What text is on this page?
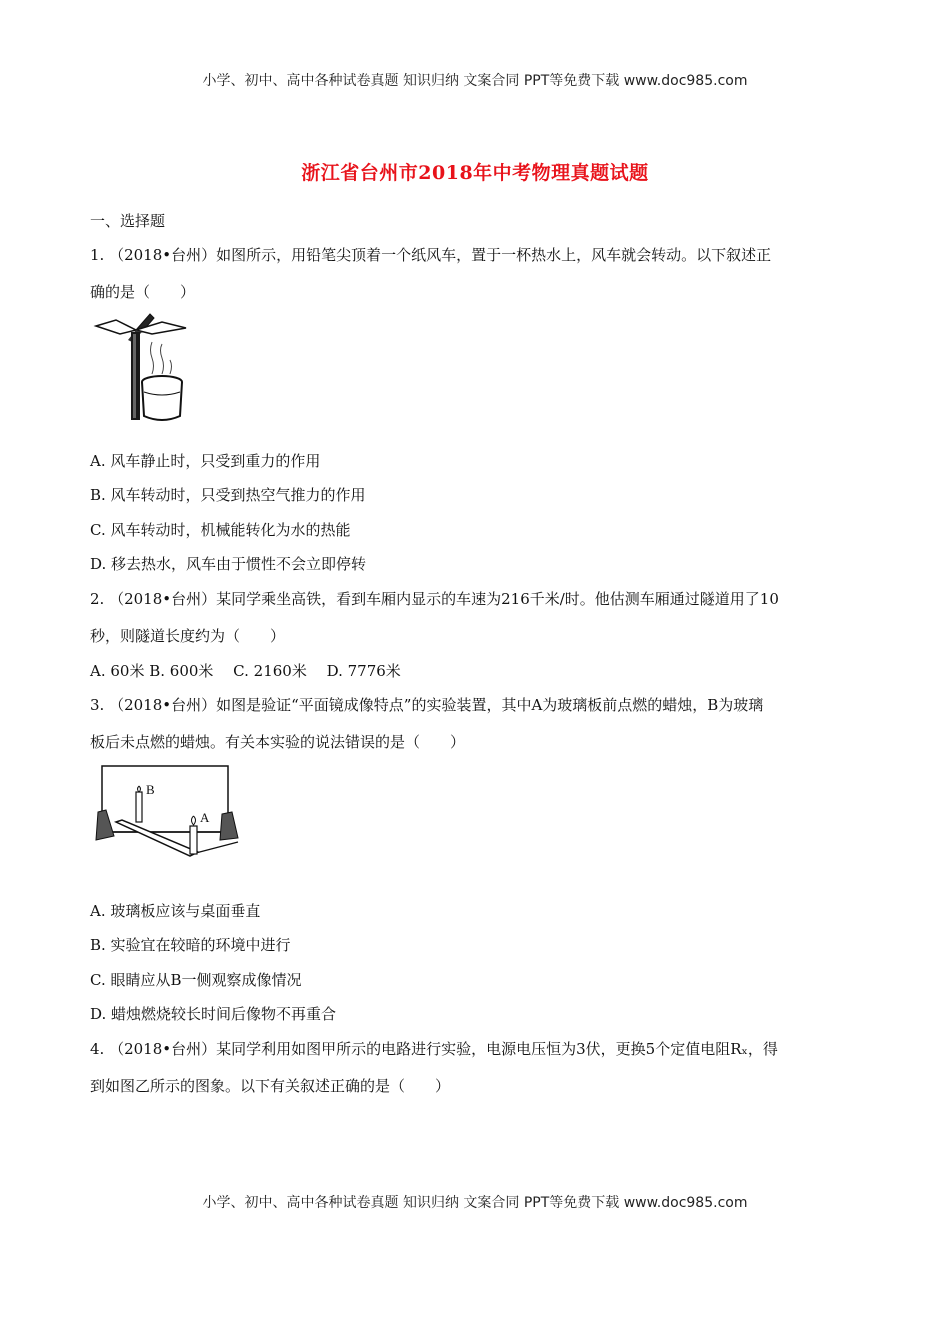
小学、初中、高中各种试卷真题 知识归纳 文案合同 PPT等免费下载 www.doc985.com
浙江省台州市2018年中考物理真题试题
一、选择题
1. （2018•台州）如图所示，用铅笔尖顶着一个纸风车，置于一杯热水上，风车就会转动。以下叙述正
确的是（　　）
A. 风车静止时，只受到重力的作用
B. 风车转动时，只受到热空气推力的作用
C. 风车转动时，机械能转化为水的热能
D. 移去热水，风车由于惯性不会立即停转
2. （2018•台州）某同学乘坐高铁，看到车厢内显示的车速为216千米/时。他估测车厢通过隧道用了10
秒，则隧道长度约为（　　）
A. 60米 B. 600米　 C. 2160米　 D. 7776米
3. （2018•台州）如图是验证“平面镜成像特点”的实验装置，其中A为玻璃板前点燃的蜡烛，B为玻璃
板后未点燃的蜡烛。有关本实验的说法错误的是（　　）
B
A
A. 玻璃板应该与桌面垂直
B. 实验宜在较暗的环境中进行
C. 眼睛应从B一侧观察成像情况
D. 蜡烛燃烧较长时间后像物不再重合
4. （2018•台州）某同学利用如图甲所示的电路进行实验，电源电压恒为3伏，更换5个定值电阻Rₓ，得
到如图乙所示的图象。以下有关叙述正确的是（　　）
小学、初中、高中各种试卷真题 知识归纳 文案合同 PPT等免费下载 www.doc985.com
